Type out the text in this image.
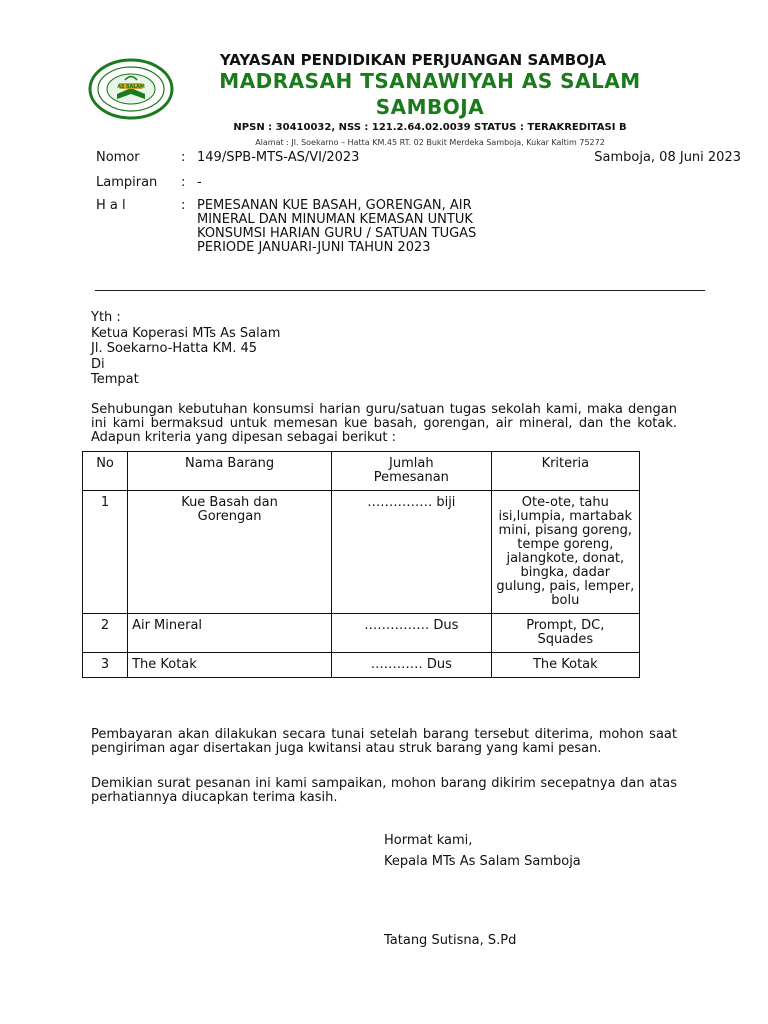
AS SALAM
YAYASAN PENDIDIKAN PERJUANGAN SAMBOJA
MADRASAH TSANAWIYAH AS SALAM
SAMBOJA
NPSN : 30410032, NSS : 121.2.64.02.0039 STATUS : TERAKREDITASI B
Alamat : Jl. Soekarno – Hatta KM.45 RT. 02 Bukit Merdeka Samboja, Kukar Kaltim 75272
Nomor	: 149/SPB-MTS-AS/VI/2023	Samboja, 08 Juni 2023
Lampiran : -
H a l	: PEMESANAN KUE BASAH, GORENGAN, AIR
MINERAL DAN MINUMAN KEMASAN UNTUK
KONSUMSI HARIAN GURU / SATUAN TUGAS
PERIODE JANUARI-JUNI TAHUN 2023
Yth :
Ketua Koperasi MTs As Salam
Jl. Soekarno-Hatta KM. 45
Di
Tempat
Sehubungan kebutuhan konsumsi harian guru/satuan tugas sekolah kami, maka dengan ini kami bermaksud untuk memesan kue basah, gorengan, air mineral, dan the kotak. Adapun kriteria yang dipesan sebagai berikut :
No	Nama Barang	Jumlah Pemesanan	Kriteria
1	Kue Basah dan Gorengan	…………… biji	Ote-ote, tahu isi,lumpia, martabak mini, pisang goreng, tempe goreng, jalangkote, donat, bingka, dadar gulung, pais, lemper, bolu
2	Air Mineral	…………… Dus	Prompt, DC, Squades
3	The Kotak	………… Dus	The Kotak
Pembayaran akan dilakukan secara tunai setelah barang tersebut diterima, mohon saat pengiriman agar disertakan juga kwitansi atau struk barang yang kami pesan.
Demikian surat pesanan ini kami sampaikan, mohon barang dikirim secepatnya dan atas perhatiannya diucapkan terima kasih.
Hormat kami,
Kepala MTs As Salam Samboja
Tatang Sutisna, S.Pd
